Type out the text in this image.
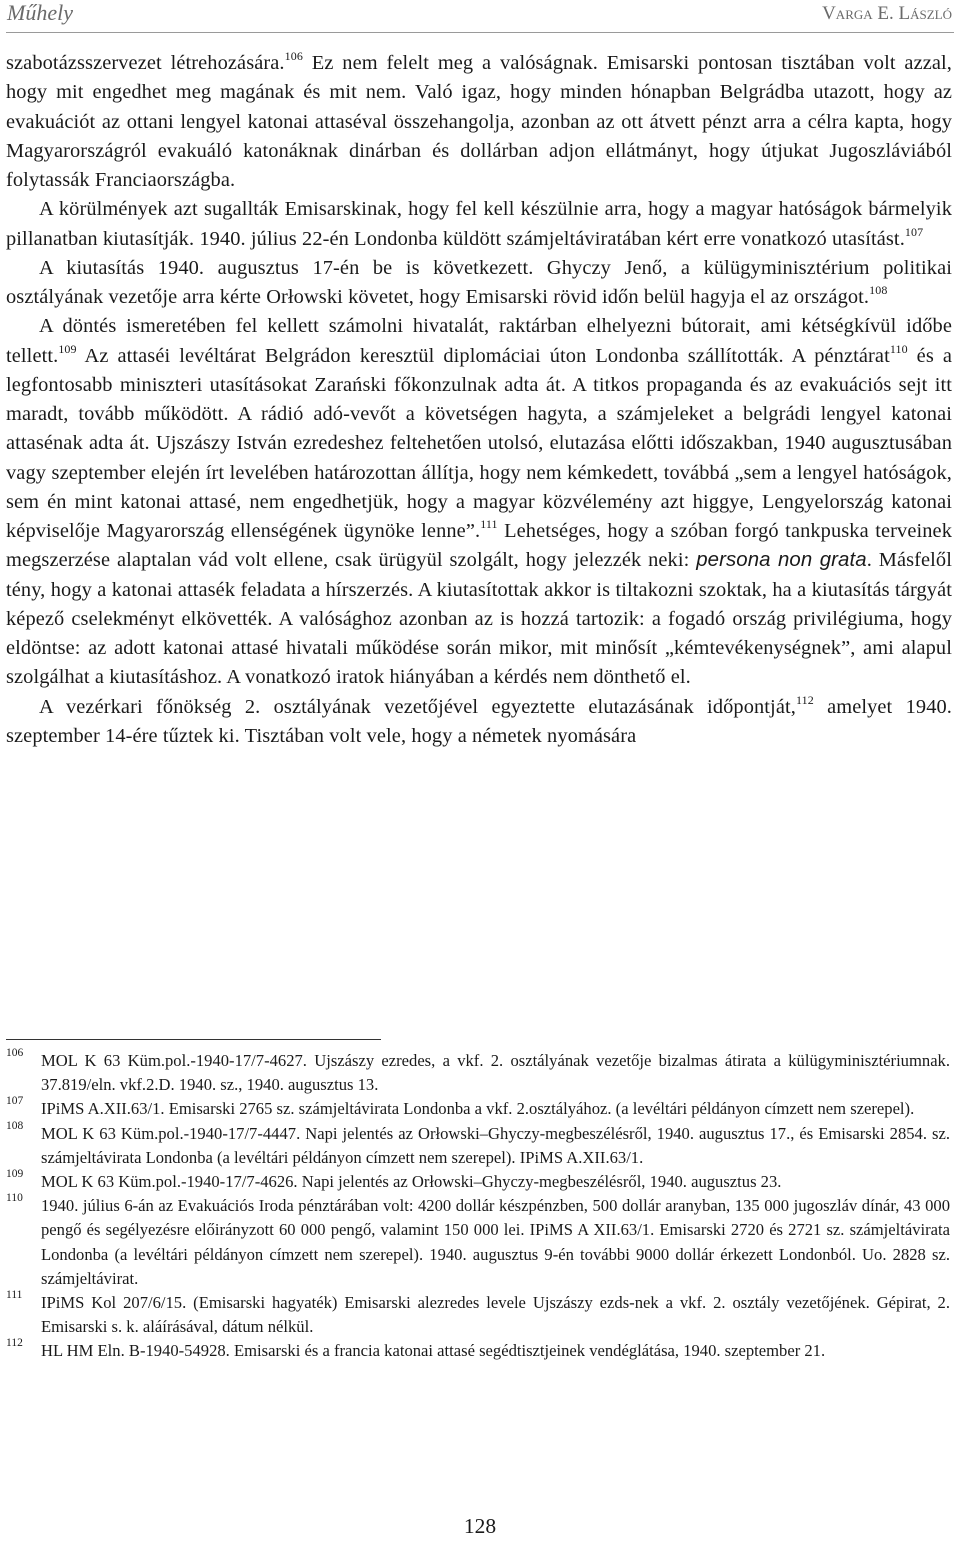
Műhely	Varga E. László

szabotázsszervezet létrehozására.$^{106}$ Ez nem felelt meg a valóságnak. Emisarski pontosan tisztában volt azzal, hogy mit engedhet meg magának és mit nem. Való igaz, hogy minden hónapban Belgrádba utazott, hogy az evakuációt az ottani lengyel katonai attaséval összehangolja, azonban az ott átvett pénzt arra a célra kapta, hogy Magyarországról evakuáló katonáknak dinárban és dollárban adjon ellátmányt, hogy útjukat Jugoszláviából folytassák Franciaországba.

A körülmények azt sugallták Emisarskinak, hogy fel kell készülnie arra, hogy a magyar hatóságok bármelyik pillanatban kiutasítják. 1940. július 22-én Londonba küldött számjeltáviratában kért erre vonatkozó utasítást.$^{107}$

A kiutasítás 1940. augusztus 17-én be is következett. Ghyczy Jenő, a külügyminisztérium politikai osztályának vezetője arra kérte Orłowski követet, hogy Emisarski rövid időn belül hagyja el az országot.$^{108}$

A döntés ismeretében fel kellett számolni hivatalát, raktárban elhelyezni bútorait, ami kétségkívül időbe tellett.$^{109}$ Az attaséi levéltárat Belgrádon keresztül diplomáciai úton Londonba szállították. A pénztárat$^{110}$ és a legfontosabb miniszteri utasításokat Zarański főkonzulnak adta át. A titkos propaganda és az evakuációs sejt itt maradt, tovább működött. A rádió adó-vevőt a követségen hagyta, a számjeleket a belgrádi lengyel katonai attasénak adta át. Ujszászy István ezredeshez feltehetően utolsó, elutazása előtti időszakban, 1940 augusztusában vagy szeptember elején írt levelében határozottan állítja, hogy nem kémkedett, továbbá „sem a lengyel hatóságok, sem én mint katonai attasé, nem engedhetjük, hogy a magyar közvélemény azt higgye, Lengyelország katonai képviselője Magyarország ellenségének ügynöke lenne”.$^{111}$ Lehetséges, hogy a szóban forgó tankpuska terveinek megszerzése alaptalan vád volt ellene, csak ürügyül szolgált, hogy jelezzék neki: persona non grata. Másfelől tény, hogy a katonai attasék feladata a hírszerzés. A kiutasítottak akkor is tiltakozni szoktak, ha a kiutasítás tárgyát képező cselekményt elkövették. A valósághoz azonban az is hozzá tartozik: a fogadó ország privilégiuma, hogy eldöntse: az adott katonai attasé hivatali működése során mikor, mit minősít „kémtevékenységnek”, ami alapul szolgálhat a kiutasításhoz. A vonatkozó iratok hiányában a kérdés nem dönthető el.

A vezérkari főnökség 2. osztályának vezetőjével egyeztette elutazásának időpontját,$^{112}$ amelyet 1940. szeptember 14-ére tűztek ki. Tisztában volt vele, hogy a németek nyomására

106	MOL K 63 Küm.pol.-1940-17/7-4627. Ujszászy ezredes, a vkf. 2. osztályának vezetője bizalmas átirata a külügyminisztériumnak. 37.819/eln. vkf.2.D. 1940. sz., 1940. augusztus 13.
107	IPiMS A.XII.63/1. Emisarski 2765 sz. számjeltávirata Londonba a vkf. 2.osztályához. (a levéltári példányon címzett nem szerepel).
108	MOL K 63 Küm.pol.-1940-17/7-4447. Napi jelentés az Orłowski–Ghyczy-megbeszélésről, 1940. augusztus 17., és Emisarski 2854. sz. számjeltávirata Londonba (a levéltári példányon címzett nem szerepel). IPiMS A.XII.63/1.
109	MOL K 63 Küm.pol.-1940-17/7-4626. Napi jelentés az Orłowski–Ghyczy-megbeszélésről, 1940. augusztus 23.
110	1940. július 6-án az Evakuációs Iroda pénztárában volt: 4200 dollár készpénzben, 500 dollár aranyban, 135 000 jugoszláv dínár, 43 000 pengő és segélyezésre előirányzott 60 000 pengő, valamint 150 000 lei. IPiMS A XII.63/1. Emisarski 2720 és 2721 sz. számjeltávirata Londonba (a levéltári példányon címzett nem szerepel). 1940. augusztus 9-én további 9000 dollár érkezett Londonból. Uo. 2828 sz. számjeltávirat.
111	IPiMS Kol 207/6/15. (Emisarski hagyaték) Emisarski alezredes levele Ujszászy ezds-nek a vkf. 2. osztály vezetőjének. Gépirat, 2. Emisarski s. k. aláírásával, dátum nélkül.
112	HL HM Eln. B-1940-54928. Emisarski és a francia katonai attasé segédtisztjeinek vendéglátása, 1940. szeptember 21.
128
